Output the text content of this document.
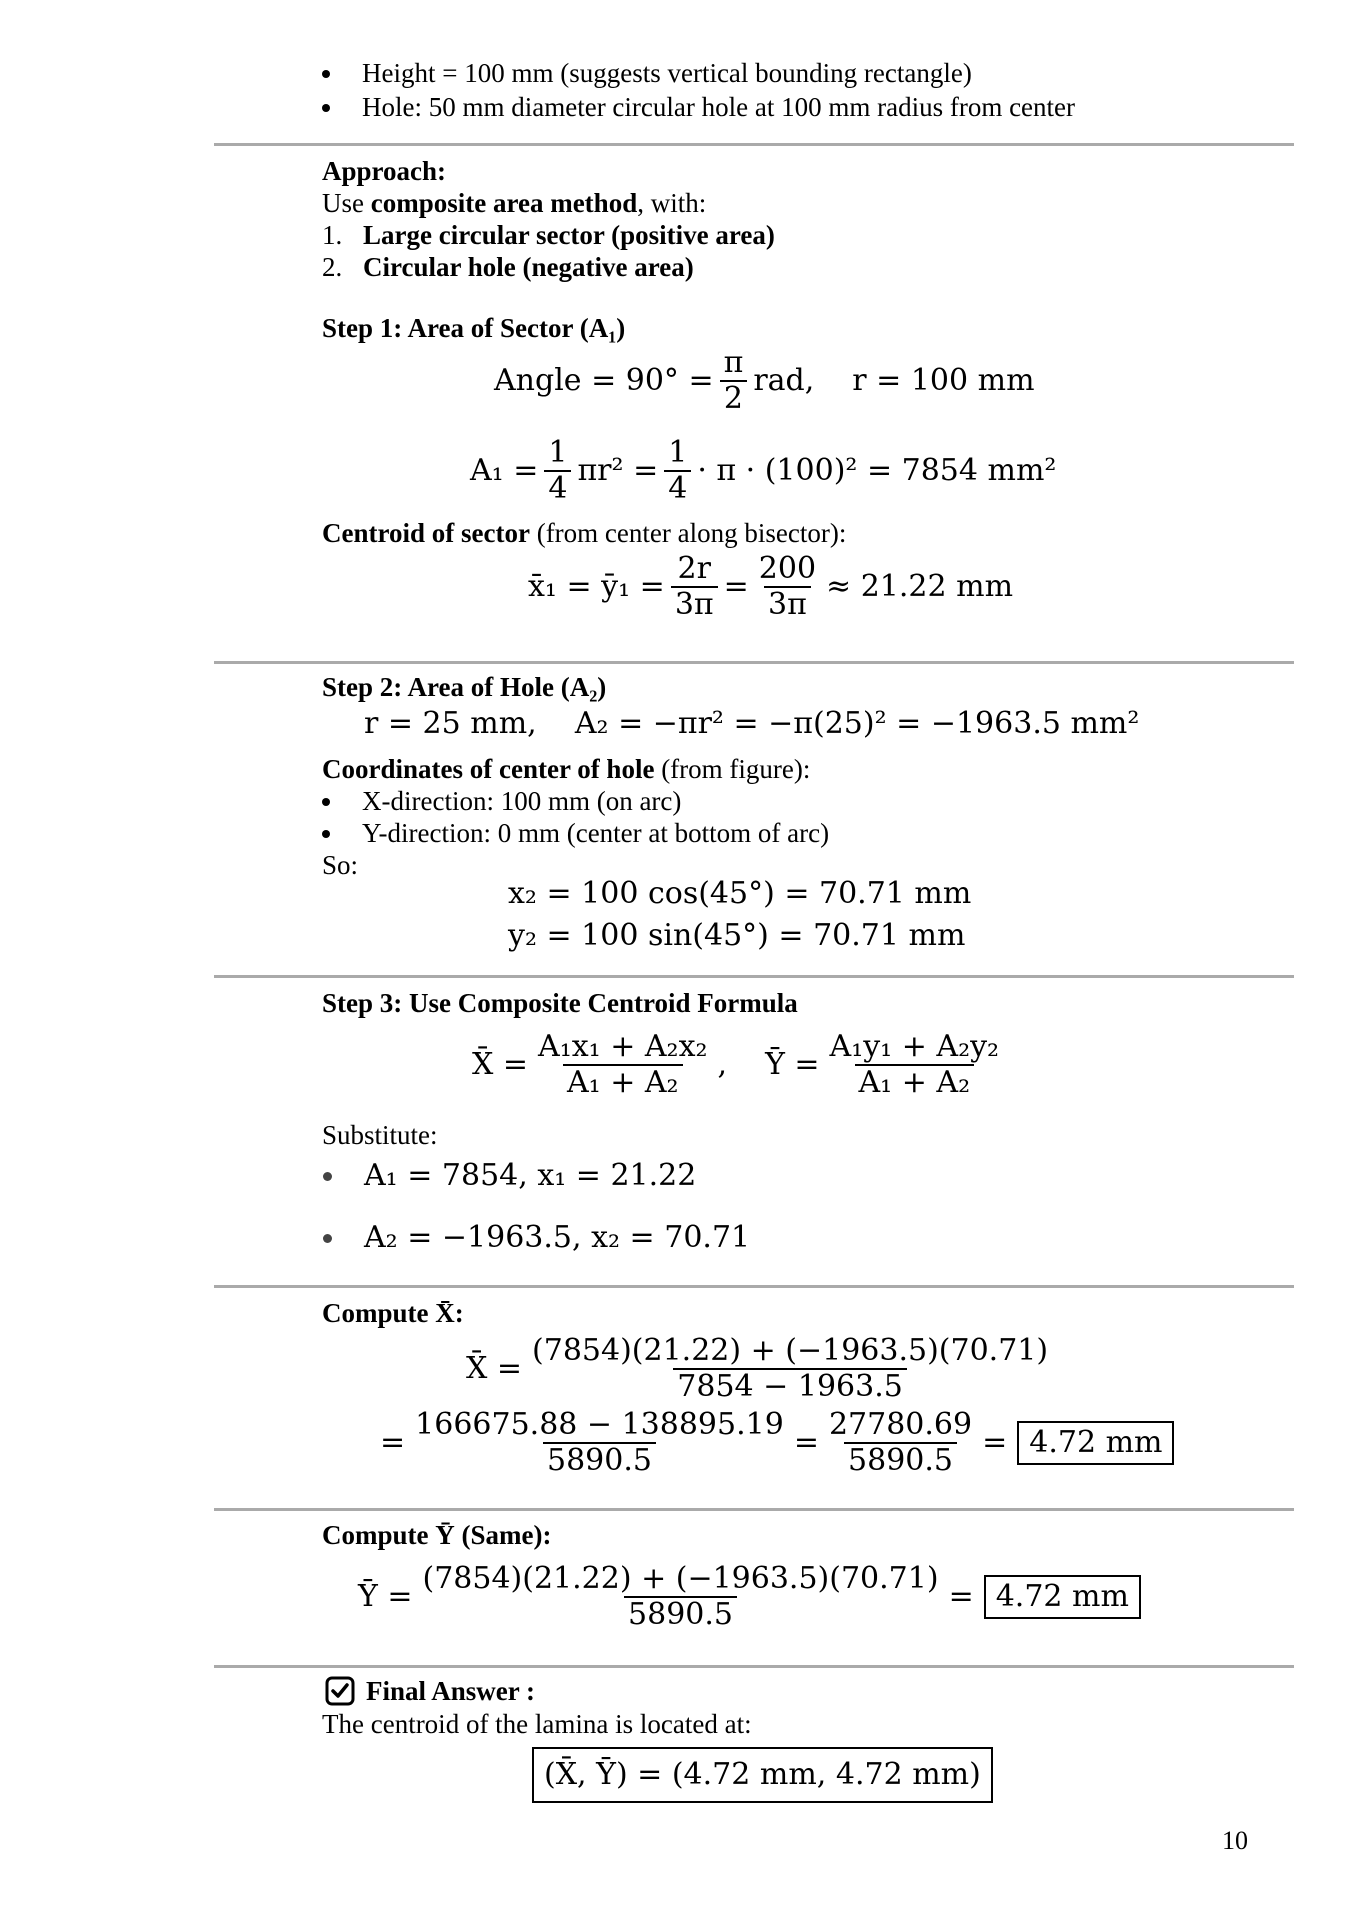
Height = 100 mm (suggests vertical bounding rectangle)
Hole: 50 mm diameter circular hole at 100 mm radius from center
Approach:
Use composite area method, with:
1. Large circular sector (positive area)
2. Circular hole (negative area)
Step 1: Area of Sector (A₁)
Angle = $90^\circ = \frac{\pi}{2}$ rad, r = 100 mm
$A_1 = \frac{1}{4} \pi r^2 = \frac{1}{4} \cdot \pi \cdot (100)^2 = 7854$ mm²
Centroid of sector (from center along bisector):
x̄₁ = ȳ₁ = $\frac{2r}{3\pi} = \frac{200}{3\pi} \approx 21.22$ mm
Step 2: Area of Hole (A₂)
r = 25 mm,    A₂ = −πr² = −π(25)² = −1963.5 mm²
Coordinates of center of hole (from figure):
X-direction: 100 mm (on arc)
Y-direction: 0 mm (center at bottom of arc)
So:
x₂ = 100 cos(45°) = 70.71 mm
y₂ = 100 sin(45°) = 70.71 mm
Step 3: Use Composite Centroid Formula
X̄ = $\frac{\text{A₁x₁ + A₂x₂}}{\text{A₁ + A₂}}$ , Ȳ = $\frac{\text{A₁y₁ + A₂y₂}}{\text{A₁ + A₂}}$
Substitute:
A₁ = 7854, x₁ = 21.22
A₂ = −1963.5, x₂ = 70.71
Compute X̄:
X̄ = $\frac{(7854)(21.22) + (-1963.5)(70.71)}{7854 - 1963.5}$
= $\frac{166675.88 - 138895.19}{5890.5} = \frac{27780.69}{5890.5} = 4.72$ mm
Compute Ȳ (Same):
Ȳ = $\frac{(7854)(21.22) + (-1963.5)(70.71)}{5890.5} = 4.72$ mm
Final Answer :
The centroid of the lamina is located at:
(X̄, Ȳ) = (4.72 mm, 4.72 mm)
10
